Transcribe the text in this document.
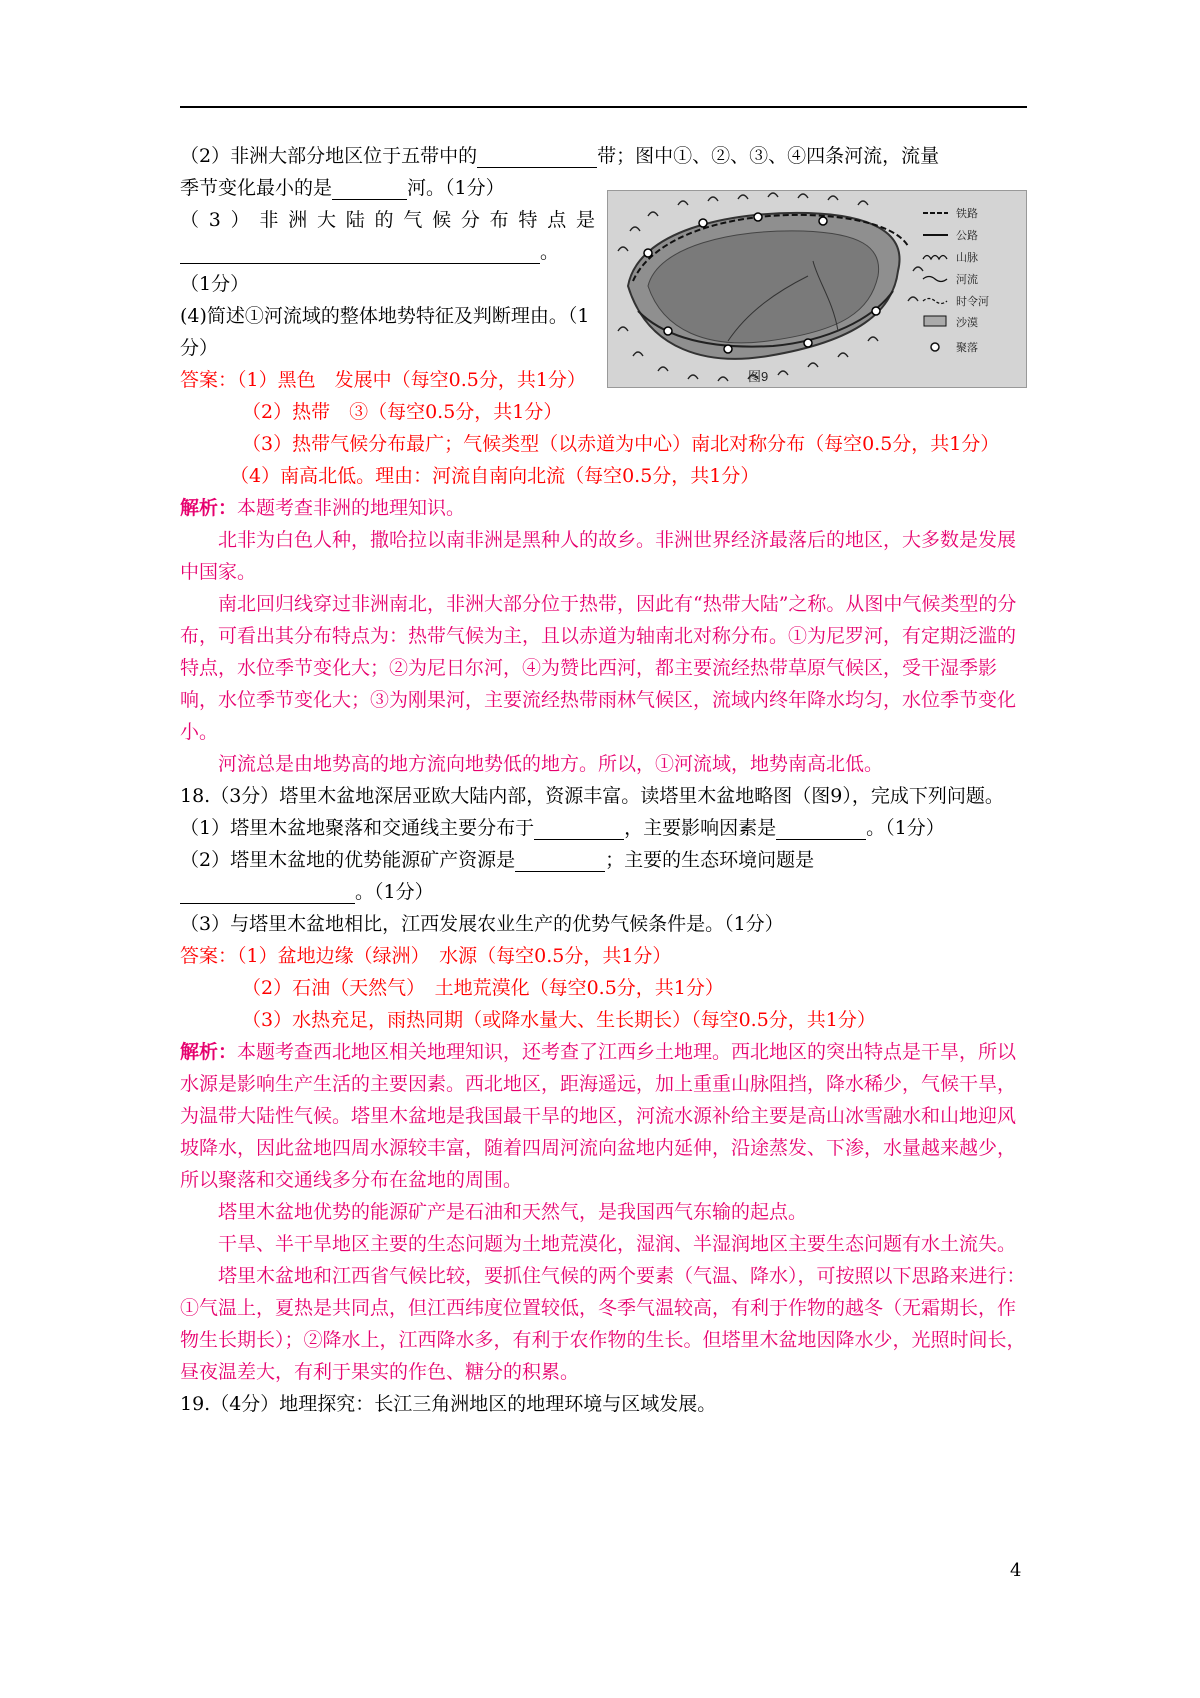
铁路
公路
山脉
河流
时令河
沙漠
聚落
图9

（2）非洲大部分地区位于五带中的	带；图中①、②、③、④四条河流，流量

季节变化最小的是	河。（1分）

（3）非洲大陆的气候分布特点是

。

（1分）

(4)简述①河流域的整体地势特征及判断理由。（1分）

答案：（1）黑色　发展中（每空0.5分，共1分）

（2）热带　③（每空0.5分，共1分）

（3）热带气候分布最广；气候类型（以赤道为中心）南北对称分布（每空0.5分，共1分）

（4）南高北低。理由：河流自南向北流（每空0.5分，共1分）

解析：本题考查非洲的地理知识。

北非为白色人种，撒哈拉以南非洲是黑种人的故乡。非洲世界经济最落后的地区，大多数是发展中国家。

南北回归线穿过非洲南北，非洲大部分位于热带，因此有“热带大陆”之称。从图中气候类型的分布，可看出其分布特点为：热带气候为主，且以赤道为轴南北对称分布。①为尼罗河，有定期泛滥的特点，水位季节变化大；②为尼日尔河，④为赞比西河，都主要流经热带草原气候区，受干湿季影响，水位季节变化大；③为刚果河，主要流经热带雨林气候区，流域内终年降水均匀，水位季节变化小。

河流总是由地势高的地方流向地势低的地方。所以，①河流域，地势南高北低。

18.（3分）塔里木盆地深居亚欧大陆内部，资源丰富。读塔里木盆地略图（图9），完成下列问题。

（1）塔里木盆地聚落和交通线主要分布于	，主要影响因素是	。（1分）

（2）塔里木盆地的优势能源矿产资源是	；主要的生态环境问题是

。（1分）

（3）与塔里木盆地相比，江西发展农业生产的优势气候条件是。（1分）

答案：（1）盆地边缘（绿洲）　水源（每空0.5分，共1分）

（2）石油（天然气）　土地荒漠化（每空0.5分，共1分）

（3）水热充足，雨热同期（或降水量大、生长期长）（每空0.5分，共1分）

解析：本题考查西北地区相关地理知识，还考查了江西乡土地理。西北地区的突出特点是干旱，所以水源是影响生产生活的主要因素。西北地区，距海遥远，加上重重山脉阻挡，降水稀少，气候干旱，为温带大陆性气候。塔里木盆地是我国最干旱的地区，河流水源补给主要是高山冰雪融水和山地迎风坡降水，因此盆地四周水源较丰富，随着四周河流向盆地内延伸，沿途蒸发、下渗，水量越来越少，所以聚落和交通线多分布在盆地的周围。

塔里木盆地优势的能源矿产是石油和天然气，是我国西气东输的起点。

干旱、半干旱地区主要的生态问题为土地荒漠化，湿润、半湿润地区主要生态问题有水土流失。

塔里木盆地和江西省气候比较，要抓住气候的两个要素（气温、降水），可按照以下思路来进行：①气温上，夏热是共同点，但江西纬度位置较低，冬季气温较高，有利于作物的越冬（无霜期长，作物生长期长）；②降水上，江西降水多，有利于农作物的生长。但塔里木盆地因降水少，光照时间长，昼夜温差大，有利于果实的作色、糖分的积累。

19.（4分）地理探究：长江三角洲地区的地理环境与区域发展。

4
